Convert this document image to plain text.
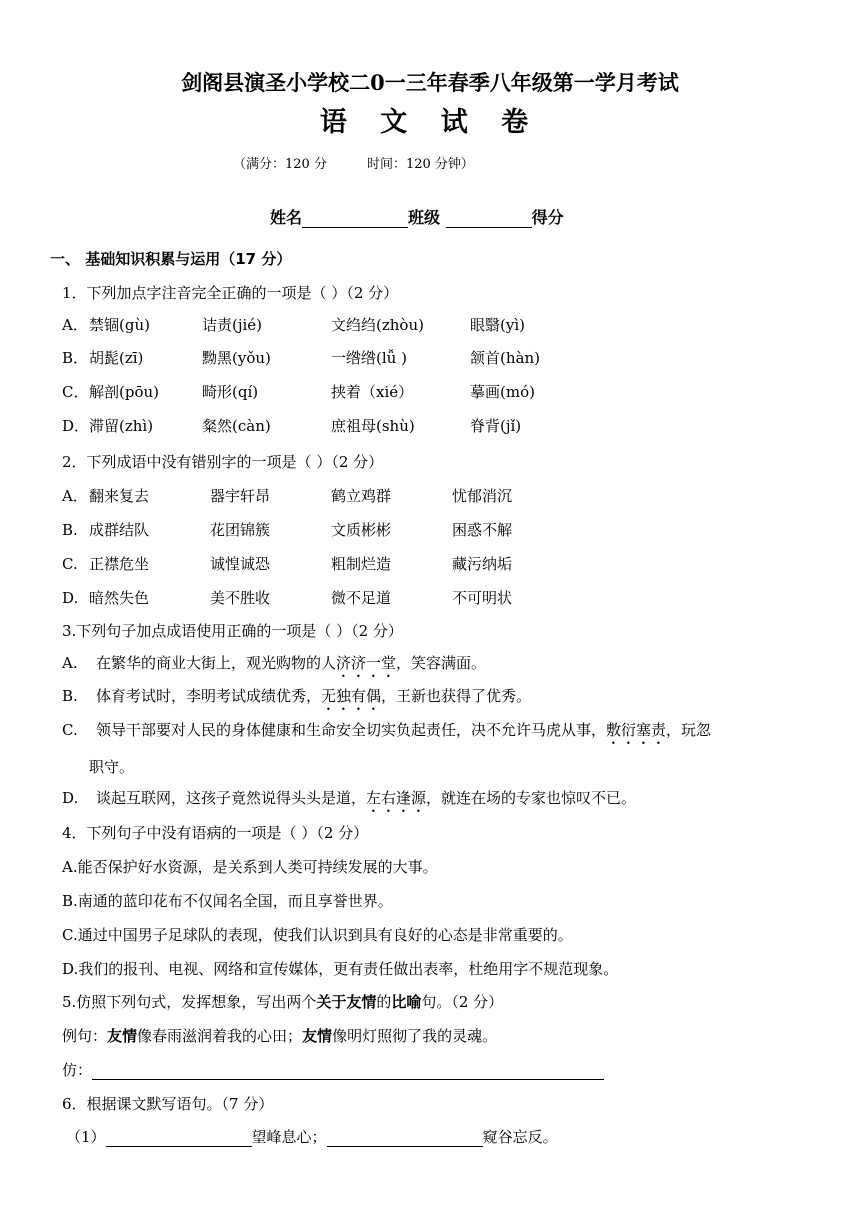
剑阁县演圣小学校二0一三年春季八年级第一学月考试
语 文 试 卷
（满分：120 分	时间：120 分钟）
姓名	班级	得分
一、 基础知识积累与运用（17 分）
1．下列加点字注音完全正确的一项是（ ）（2 分）
A． 禁锢(gù)	诘责(jié)	文绉绉(zhòu)	眼翳(yì)
B． 胡髭(zī)	黝黑(yǒu)	一绺绺(lǚ )	颔首(hàn)
C． 解剖(pōu)	畸形(qí)	挟着（xié）	摹画(mó)
D． 滞留(zhì)	粲然(càn)	庶祖母(shù)	脊背(jǐ)
2．下列成语中没有错别字的一项是（ ）（2 分）
A． 翻来复去	器宇轩昂	鹤立鸡群	忧郁消沉
B. 成群结队	花团锦簇	文质彬彬	困惑不解
C. 正襟危坐	诚惶诚恐	粗制烂造	藏污纳垢
D. 暗然失色	美不胜收	微不足道	不可明状
3.下列句子加点成语使用正确的一项是（ ）（2 分）
A. 在繁华的商业大街上，观光购物的人济济一堂，笑容满面。
B. 体育考试时，李明考试成绩优秀，无独有偶，王新也获得了优秀。
C. 领导干部要对人民的身体健康和生命安全切实负起责任，决不允许马虎从事，敷衍塞责，玩忽
职守。
D. 谈起互联网，这孩子竟然说得头头是道，左右逢源，就连在场的专家也惊叹不已。
4．下列句子中没有语病的一项是（ ）（2 分）
A.能否保护好水资源，是关系到人类可持续发展的大事。
B.南通的蓝印花布不仅闻名全国，而且享誉世界。
C.通过中国男子足球队的表现，使我们认识到具有良好的心态是非常重要的。
D.我们的报刊、电视、网络和宣传媒体，更有责任做出表率，杜绝用字不规范现象。
5.仿照下列句式，发挥想象，写出两个关于友情的比喻句。（2 分）
例句：友情像春雨滋润着我的心田；友情像明灯照彻了我的灵魂。
仿：
6．根据课文默写语句。（7 分）
（1）	望峰息心；	窥谷忘反。
